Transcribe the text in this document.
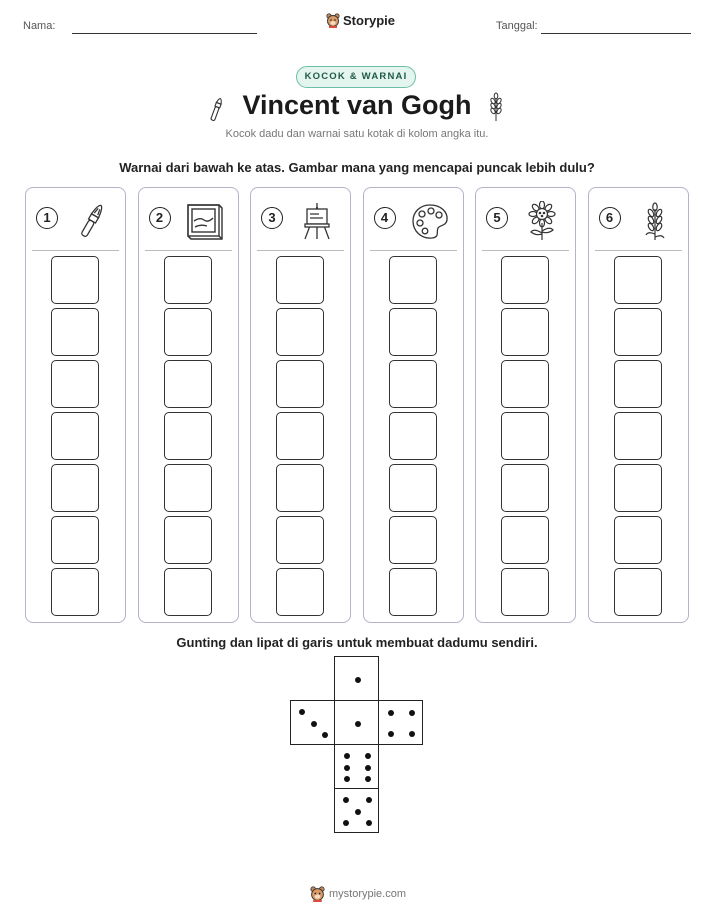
Nama:	Storypie	Tanggal:
KOCOK & WARNAI
Vincent van Gogh
Kocok dadu dan warnai satu kotak di kolom angka itu.
Warnai dari bawah ke atas. Gambar mana yang mencapai puncak lebih dulu?
1	2	3	4	5	6
Gunting dan lipat di garis untuk membuat dadumu sendiri.
mystorypie.com
